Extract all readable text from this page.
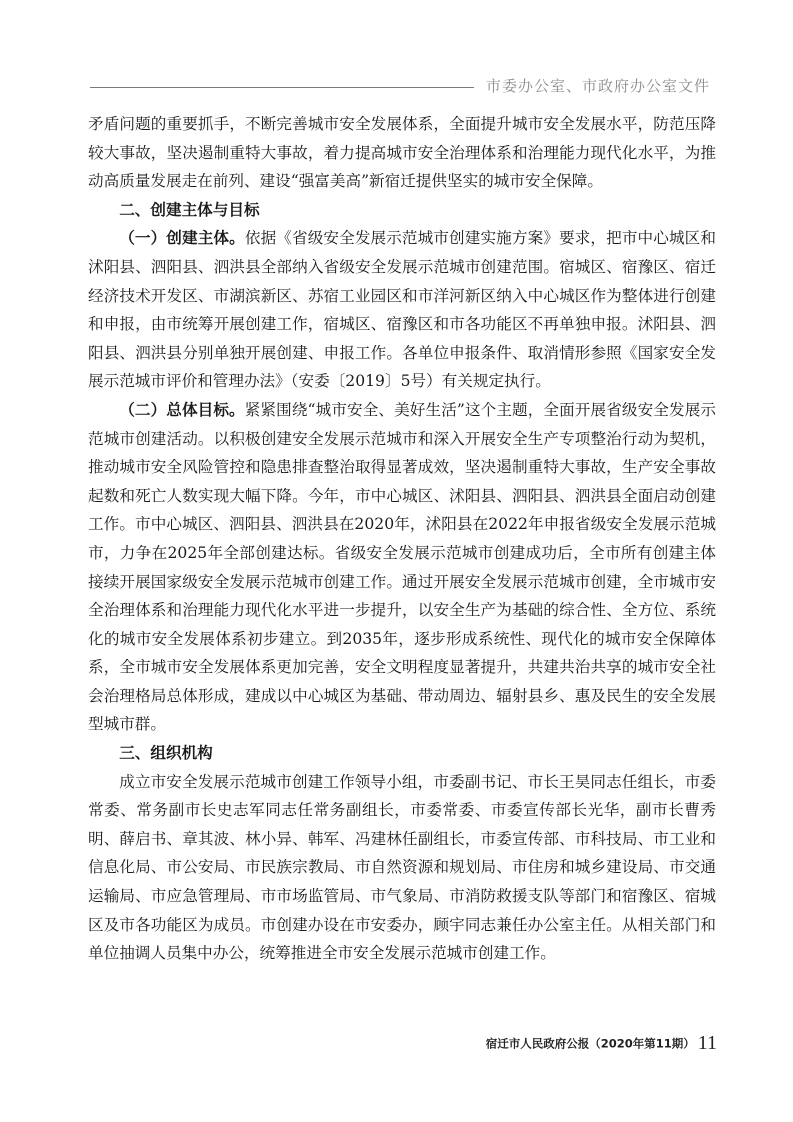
市委办公室、市政府办公室文件

矛盾问题的重要抓手，不断完善城市安全发展体系，全面提升城市安全发展水平，防范压降较大事故，坚决遏制重特大事故，着力提高城市安全治理体系和治理能力现代化水平，为推动高质量发展走在前列、建设“强富美高”新宿迁提供坚实的城市安全保障。

二、创建主体与目标

（一）创建主体。依据《省级安全发展示范城市创建实施方案》要求，把市中心城区和沭阳县、泗阳县、泗洪县全部纳入省级安全发展示范城市创建范围。宿城区、宿豫区、宿迁经济技术开发区、市湖滨新区、苏宿工业园区和市洋河新区纳入中心城区作为整体进行创建和申报，由市统筹开展创建工作，宿城区、宿豫区和市各功能区不再单独申报。沭阳县、泗阳县、泗洪县分别单独开展创建、申报工作。各单位申报条件、取消情形参照《国家安全发展示范城市评价和管理办法》（安委〔2019〕5号）有关规定执行。

（二）总体目标。紧紧围绕“城市安全、美好生活”这个主题，全面开展省级安全发展示范城市创建活动。以积极创建安全发展示范城市和深入开展安全生产专项整治行动为契机，推动城市安全风险管控和隐患排查整治取得显著成效，坚决遏制重特大事故，生产安全事故起数和死亡人数实现大幅下降。今年，市中心城区、沭阳县、泗阳县、泗洪县全面启动创建工作。市中心城区、泗阳县、泗洪县在2020年，沭阳县在2022年申报省级安全发展示范城市，力争在2025年全部创建达标。省级安全发展示范城市创建成功后，全市所有创建主体接续开展国家级安全发展示范城市创建工作。通过开展安全发展示范城市创建，全市城市安全治理体系和治理能力现代化水平进一步提升，以安全生产为基础的综合性、全方位、系统化的城市安全发展体系初步建立。到2035年，逐步形成系统性、现代化的城市安全保障体系，全市城市安全发展体系更加完善，安全文明程度显著提升，共建共治共享的城市安全社会治理格局总体形成，建成以中心城区为基础、带动周边、辐射县乡、惠及民生的安全发展型城市群。

三、组织机构

成立市安全发展示范城市创建工作领导小组，市委副书记、市长王昊同志任组长，市委常委、常务副市长史志军同志任常务副组长，市委常委、市委宣传部长光华，副市长曹秀明、薛启书、章其波、林小异、韩军、冯建林任副组长，市委宣传部、市科技局、市工业和信息化局、市公安局、市民族宗教局、市自然资源和规划局、市住房和城乡建设局、市交通运输局、市应急管理局、市市场监管局、市气象局、市消防救援支队等部门和宿豫区、宿城区及市各功能区为成员。市创建办设在市安委办，顾宇同志兼任办公室主任。从相关部门和单位抽调人员集中办公，统筹推进全市安全发展示范城市创建工作。

宿迁市人民政府公报（2020年第11期） 11
